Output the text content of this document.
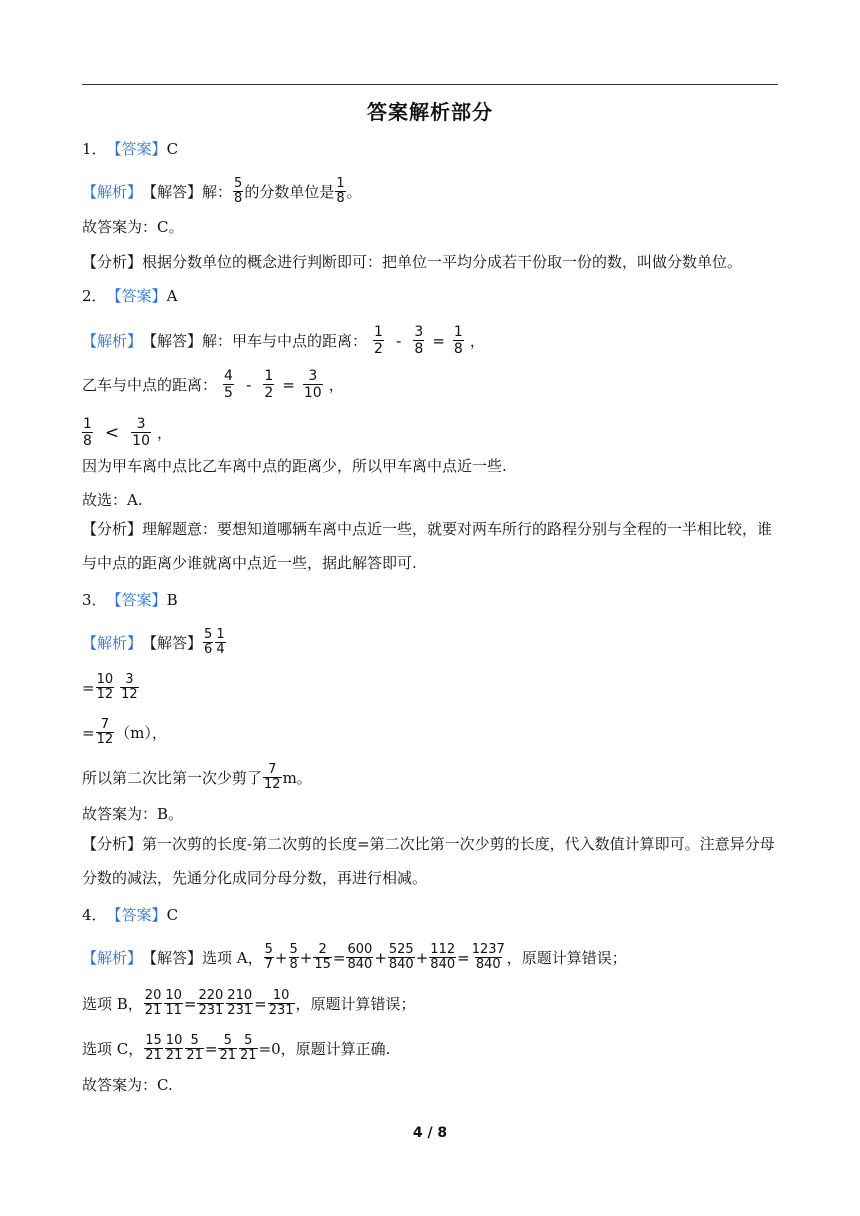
答案解析部分
1． 【答案】 C
【解析】 【解答】 解： $\frac{5}{8}$ 的分数单位是 $\frac{1}{8}$ 。
故答案为：C。
【分析】 根据分数单位的概念进行判断即可：把单位一平均分成若干份取一份的数，叫做分数单位。
2． 【答案】 A
【解析】 【解答】 解：甲车与中点的距离： $\frac{1}{2} - \frac{3}{8} = \frac{1}{8}$ ，
乙车与中点的距离： $\frac{4}{5} - \frac{1}{2} = \frac{3}{10}$ ，
$\frac{1}{8} < \frac{3}{10}$ ，
因为甲车离中点比乙车离中点的距离少，所以甲车离中点近一些.
故选：A.
【分析】理解题意：要想知道哪辆车离中点近一些，就要对两车所行的路程分别与全程的一半相比较，谁与中点的距离少谁就离中点近一些，据此解答即可.
3． 【答案】 B
【解析】 【解答】 $\frac{5}{6} \frac{1}{4}$
= $\frac{10}{12} \frac{3}{12}$
= $\frac{7}{12} (m)$，
所以第二次比第一次少剪了 $\frac{7}{12}$ m。
故答案为：B。
【分析】第一次剪的长度-第二次剪的长度=第二次比第一次少剪的长度，代入数值计算即可。注意异分母分数的减法，先通分化成同分母分数，再进行相减。
4． 【答案】 C
【解析】 【解答】 选项 A， $\frac{5}{7} + \frac{5}{8} + \frac{2}{15} = \frac{600}{840} + \frac{525}{840} + \frac{112}{840} = \frac{1237}{840}$ ，原题计算错误；
选项 B， $\frac{20}{21} \frac{10}{11} = \frac{220}{231} \frac{210}{231} = \frac{10}{231}$ ，原题计算错误；
选项 C， $\frac{15}{21} \frac{10}{21} \frac{5}{21} = \frac{5}{21} \frac{5}{21} =0$，原题计算正确.
故答案为：C.
4 / 8
